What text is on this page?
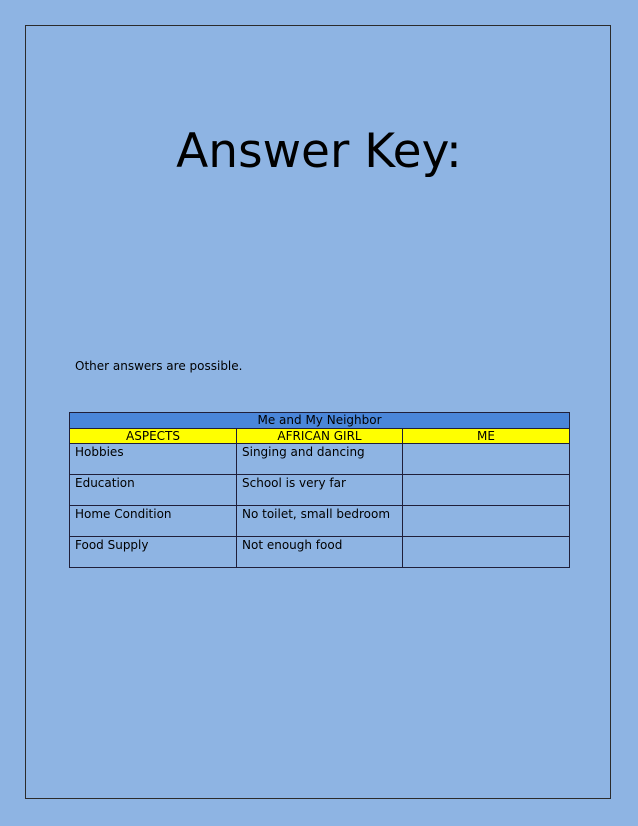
Answer Key:
Other answers are possible.
Me and My Neighbor		
ASPECTS	AFRICAN GIRL	ME
Hobbies	Singing and dancing	
Education	School is very far	
Home Condition	No toilet, small bedroom	
Food Supply	Not enough food	
